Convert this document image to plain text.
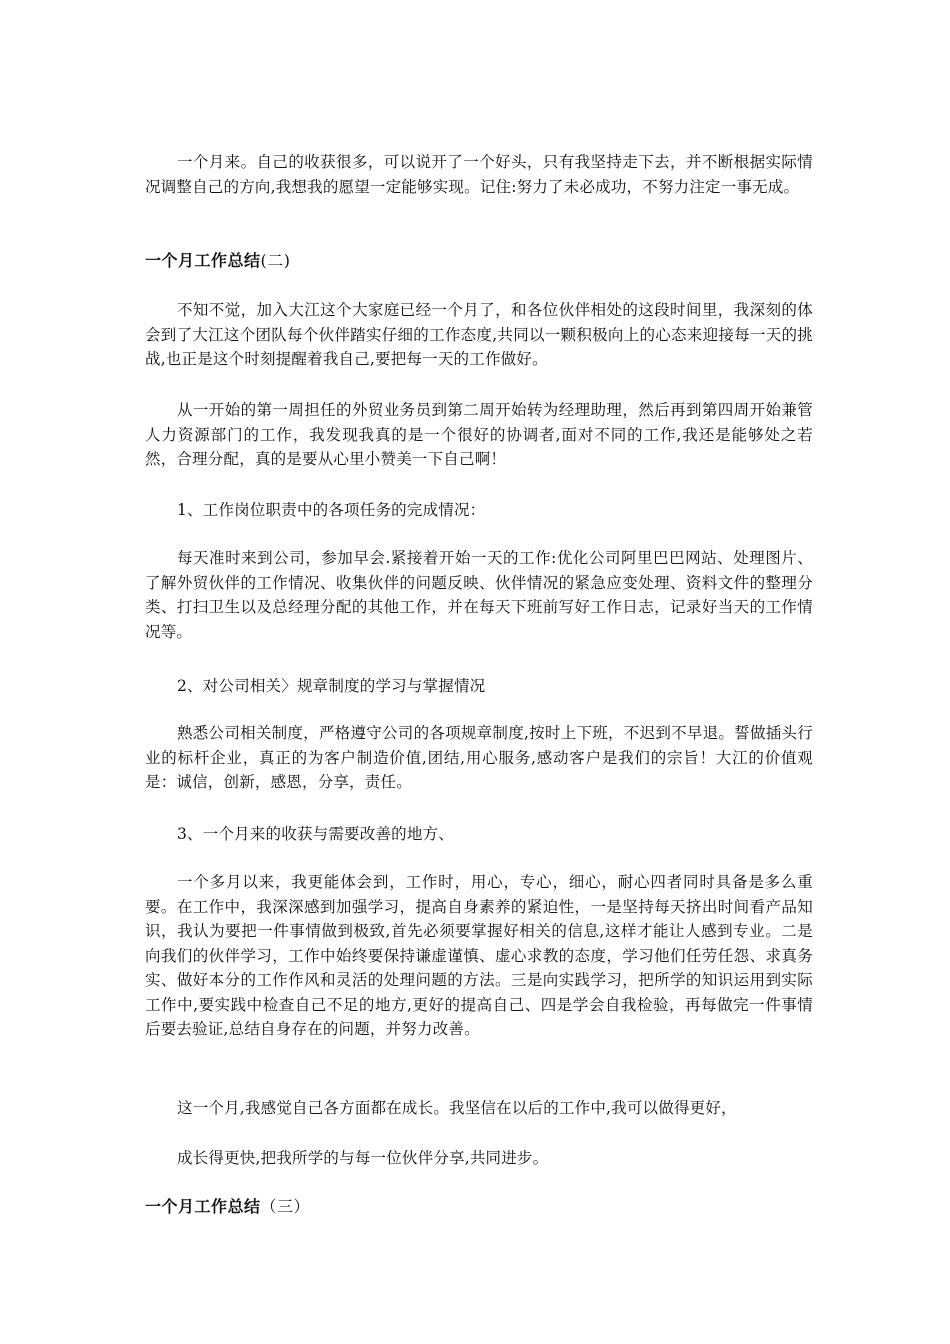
一个月来。自己的收获很多，可以说开了一个好头，只有我坚持走下去，并不断根据实际情况调整自己的方向,我想我的愿望一定能够实现。记住:努力了未必成功，不努力注定一事无成。

一个月工作总结(二)

不知不觉，加入大江这个大家庭已经一个月了，和各位伙伴相处的这段时间里，我深刻的体会到了大江这个团队每个伙伴踏实仔细的工作态度,共同以一颗积极向上的心态来迎接每一天的挑战,也正是这个时刻提醒着我自己,要把每一天的工作做好。

从一开始的第一周担任的外贸业务员到第二周开始转为经理助理，然后再到第四周开始兼管人力资源部门的工作，我发现我真的是一个很好的协调者,面对不同的工作,我还是能够处之若然，合理分配，真的是要从心里小赞美一下自己啊！

1、工作岗位职责中的各项任务的完成情况：

每天准时来到公司，参加早会.紧接着开始一天的工作:优化公司阿里巴巴网站、处理图片、了解外贸伙伴的工作情况、收集伙伴的问题反映、伙伴情况的紧急应变处理、资料文件的整理分类、打扫卫生以及总经理分配的其他工作，并在每天下班前写好工作日志，记录好当天的工作情况等。

2、对公司相关〉规章制度的学习与掌握情况

熟悉公司相关制度，严格遵守公司的各项规章制度,按时上下班，不迟到不早退。誓做插头行业的标杆企业，真正的为客户制造价值,团结,用心服务,感动客户是我们的宗旨！大江的价值观是：诚信，创新，感恩，分享，责任。

3、一个月来的收获与需要改善的地方、

一个多月以来，我更能体会到，工作时，用心，专心，细心，耐心四者同时具备是多么重要。在工作中，我深深感到加强学习，提高自身素养的紧迫性，一是坚持每天挤出时间看产品知识，我认为要把一件事情做到极致,首先必须要掌握好相关的信息,这样才能让人感到专业。二是向我们的伙伴学习，工作中始终要保持谦虚谨慎、虚心求教的态度，学习他们任劳任怨、求真务实、做好本分的工作作风和灵活的处理问题的方法。三是向实践学习，把所学的知识运用到实际工作中,要实践中检查自己不足的地方,更好的提高自己、四是学会自我检验，再每做完一件事情后要去验证,总结自身存在的问题，并努力改善。

这一个月,我感觉自己各方面都在成长。我坚信在以后的工作中,我可以做得更好，

成长得更快,把我所学的与每一位伙伴分享,共同进步。

一个月工作总结（三）
